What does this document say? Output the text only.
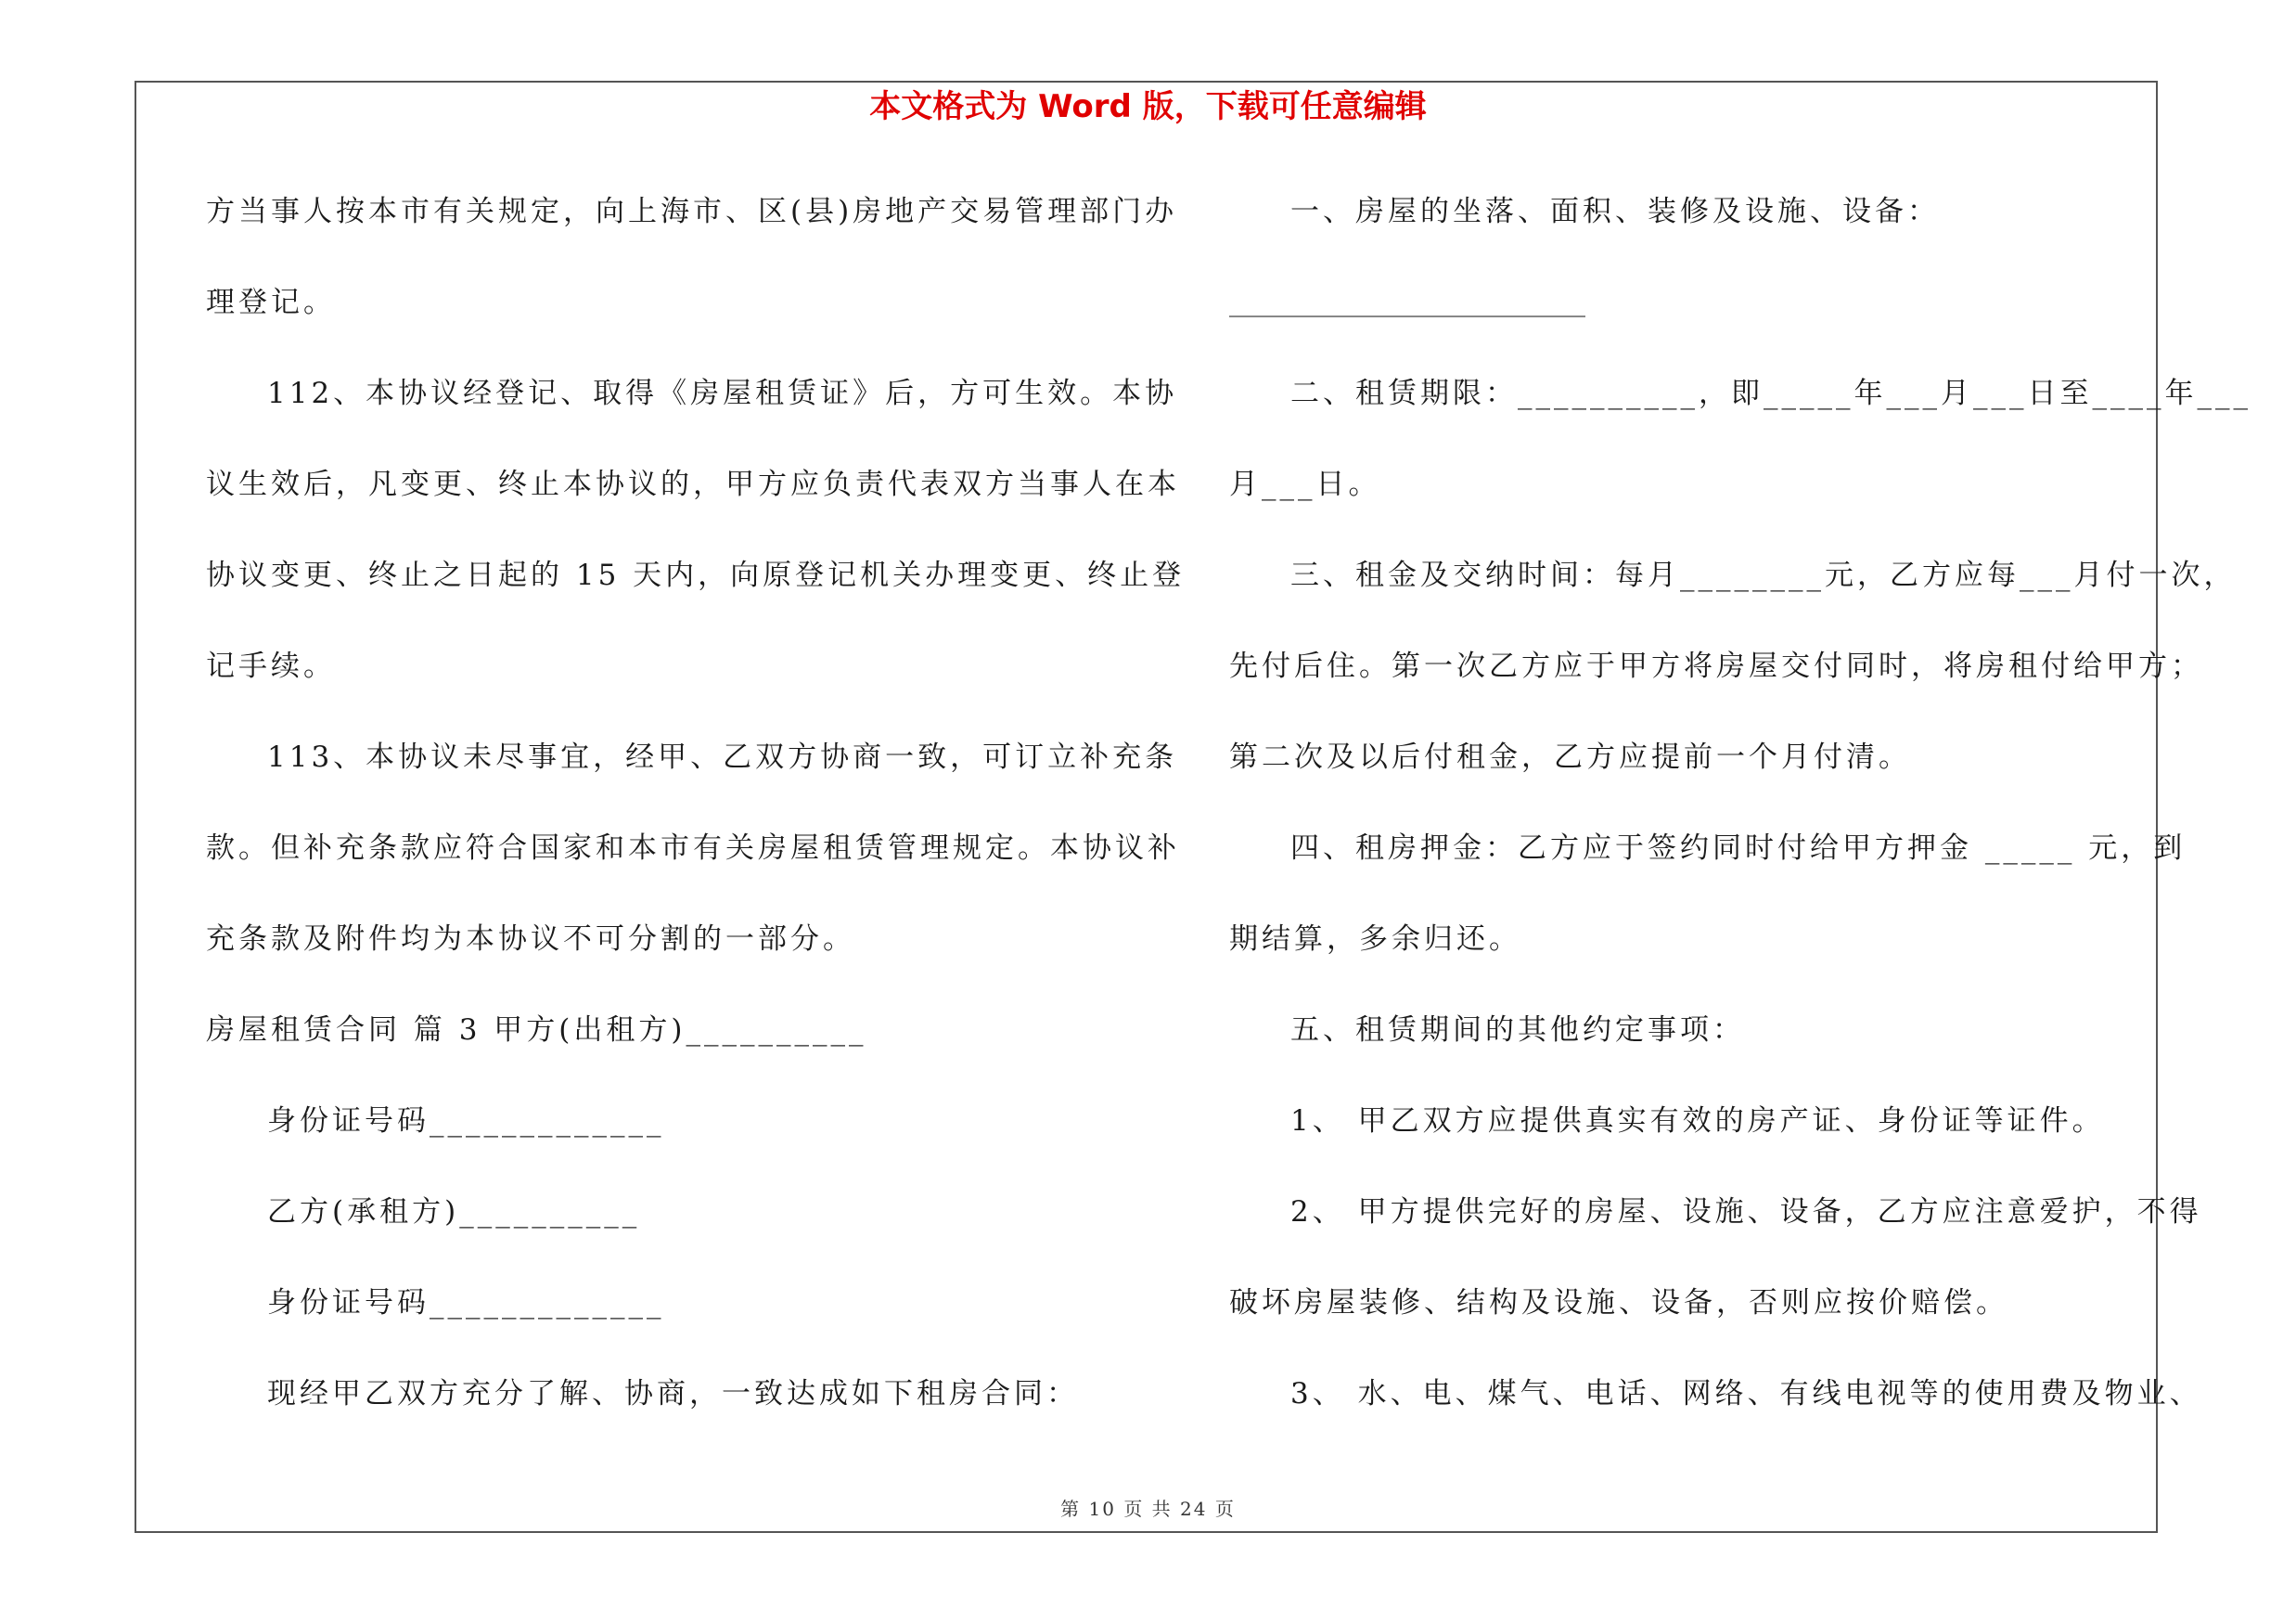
本文格式为 Word 版，下载可任意编辑
方当事人按本市有关规定，向上海市、区(县)房地产交易管理部门办
理登记。
112、本协议经登记、取得《房屋租赁证》后，方可生效。本协
议生效后，凡变更、终止本协议的，甲方应负责代表双方当事人在本
协议变更、终止之日起的 15 天内，向原登记机关办理变更、终止登
记手续。
113、本协议未尽事宜，经甲、乙双方协商一致，可订立补充条
款。但补充条款应符合国家和本市有关房屋租赁管理规定。本协议补
充条款及附件均为本协议不可分割的一部分。
房屋租赁合同 篇 3 甲方(出租方)__________
身份证号码_____________
乙方(承租方)__________
身份证号码_____________
现经甲乙双方充分了解、协商，一致达成如下租房合同：
一、房屋的坐落、面积、装修及设施、设备：
二、租赁期限：__________，即_____年___月___日至____年___
月___日。
三、租金及交纳时间：每月________元，乙方应每___月付一次，
先付后住。第一次乙方应于甲方将房屋交付同时，将房租付给甲方；
第二次及以后付租金，乙方应提前一个月付清。
四、租房押金：乙方应于签约同时付给甲方押金 _____ 元，到
期结算，多余归还。
五、租赁期间的其他约定事项：
1、 甲乙双方应提供真实有效的房产证、身份证等证件。
2、 甲方提供完好的房屋、设施、设备，乙方应注意爱护，不得
破坏房屋装修、结构及设施、设备，否则应按价赔偿。
3、 水、电、煤气、电话、网络、有线电视等的使用费及物业、
第 10 页 共 24 页
